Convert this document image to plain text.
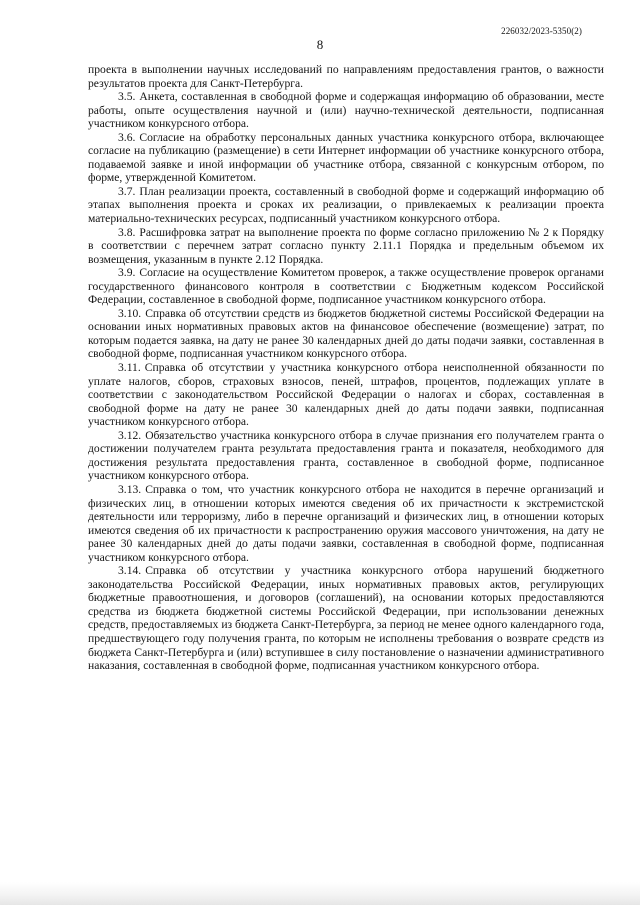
226032/2023-5350(2)
8

проекта в выполнении научных исследований по направлениям предоставления грантов, о важности результатов проекта для Санкт-Петербурга.

3.5. Анкета, составленная в свободной форме и содержащая информацию об образовании, месте работы, опыте осуществления научной и (или) научно-технической деятельности, подписанная участником конкурсного отбора.

3.6. Согласие на обработку персональных данных участника конкурсного отбора, включающее согласие на публикацию (размещение) в сети Интернет информации об участнике конкурсного отбора, подаваемой заявке и иной информации об участнике отбора, связанной с конкурсным отбором, по форме, утвержденной Комитетом.

3.7. План реализации проекта, составленный в свободной форме и содержащий информацию об этапах выполнения проекта и сроках их реализации, о привлекаемых к реализации проекта материально-технических ресурсах, подписанный участником конкурсного отбора.

3.8. Расшифровка затрат на выполнение проекта по форме согласно приложению № 2 к Порядку в соответствии с перечнем затрат согласно пункту 2.11.1 Порядка и предельным объемом их возмещения, указанным в пункте 2.12 Порядка.

3.9. Согласие на осуществление Комитетом проверок, а также осуществление проверок органами государственного финансового контроля в соответствии с Бюджетным кодексом Российской Федерации, составленное в свободной форме, подписанное участником конкурсного отбора.

3.10. Справка об отсутствии средств из бюджетов бюджетной системы Российской Федерации на основании иных нормативных правовых актов на финансовое обеспечение (возмещение) затрат, по которым подается заявка, на дату не ранее 30 календарных дней до даты подачи заявки, составленная в свободной форме, подписанная участником конкурсного отбора.

3.11. Справка об отсутствии у участника конкурсного отбора неисполненной обязанности по уплате налогов, сборов, страховых взносов, пеней, штрафов, процентов, подлежащих уплате в соответствии с законодательством Российской Федерации о налогах и сборах, составленная в свободной форме на дату не ранее 30 календарных дней до даты подачи заявки, подписанная участником конкурсного отбора.

3.12. Обязательство участника конкурсного отбора в случае признания его получателем гранта о достижении получателем гранта результата предоставления гранта и показателя, необходимого для достижения результата предоставления гранта, составленное в свободной форме, подписанное участником конкурсного отбора.

3.13. Справка о том, что участник конкурсного отбора не находится в перечне организаций и физических лиц, в отношении которых имеются сведения об их причастности к экстремистской деятельности или терроризму, либо в перечне организаций и физических лиц, в отношении которых имеются сведения об их причастности к распространению оружия массового уничтожения, на дату не ранее 30 календарных дней до даты подачи заявки, составленная в свободной форме, подписанная участником конкурсного отбора.

3.14. Справка об отсутствии у участника конкурсного отбора нарушений бюджетного законодательства Российской Федерации, иных нормативных правовых актов, регулирующих бюджетные правоотношения, и договоров (соглашений), на основании которых предоставляются средства из бюджета бюджетной системы Российской Федерации, при использовании денежных средств, предоставляемых из бюджета Санкт-Петербурга, за период не менее одного календарного года, предшествующего году получения гранта, по которым не исполнены требования о возврате средств из бюджета Санкт-Петербурга и (или) вступившее в силу постановление о назначении административного наказания, составленная в свободной форме, подписанная участником конкурсного отбора.
